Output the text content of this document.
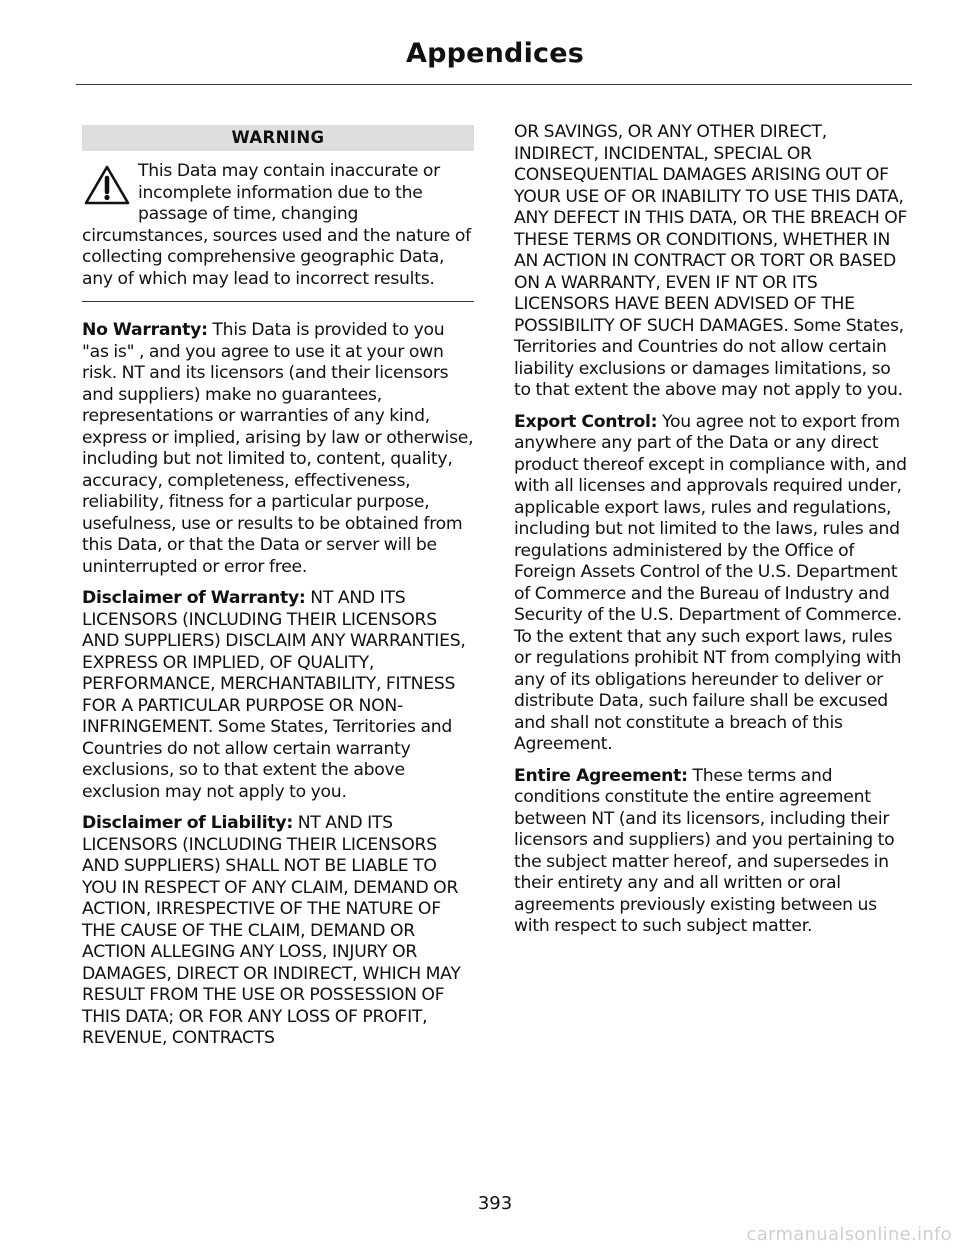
Appendices
WARNING
This Data may contain inaccurate or incomplete information due to the passage of time, changing circumstances, sources used and the nature of collecting comprehensive geographic Data, any of which may lead to incorrect results.

No Warranty: This Data is provided to you "as is" , and you agree to use it at your own risk. NT and its licensors (and their licensors and suppliers) make no guarantees, representations or warranties of any kind, express or implied, arising by law or otherwise, including but not limited to, content, quality, accuracy, completeness, effectiveness, reliability, fitness for a particular purpose, usefulness, use or results to be obtained from this Data, or that the Data or server will be uninterrupted or error free.

Disclaimer of Warranty: NT AND ITS LICENSORS (INCLUDING THEIR LICENSORS AND SUPPLIERS) DISCLAIM ANY WARRANTIES, EXPRESS OR IMPLIED, OF QUALITY, PERFORMANCE, MERCHANTABILITY, FITNESS FOR A PARTICULAR PURPOSE OR NON-INFRINGEMENT. Some States, Territories and Countries do not allow certain warranty exclusions, so to that extent the above exclusion may not apply to you.

Disclaimer of Liability: NT AND ITS LICENSORS (INCLUDING THEIR LICENSORS AND SUPPLIERS) SHALL NOT BE LIABLE TO YOU IN RESPECT OF ANY CLAIM, DEMAND OR ACTION, IRRESPECTIVE OF THE NATURE OF THE CAUSE OF THE CLAIM, DEMAND OR ACTION ALLEGING ANY LOSS, INJURY OR DAMAGES, DIRECT OR INDIRECT, WHICH MAY RESULT FROM THE USE OR POSSESSION OF THIS DATA; OR FOR ANY LOSS OF PROFIT, REVENUE, CONTRACTS

OR SAVINGS, OR ANY OTHER DIRECT, INDIRECT, INCIDENTAL, SPECIAL OR CONSEQUENTIAL DAMAGES ARISING OUT OF YOUR USE OF OR INABILITY TO USE THIS DATA, ANY DEFECT IN THIS DATA, OR THE BREACH OF THESE TERMS OR CONDITIONS, WHETHER IN AN ACTION IN CONTRACT OR TORT OR BASED ON A WARRANTY, EVEN IF NT OR ITS LICENSORS HAVE BEEN ADVISED OF THE POSSIBILITY OF SUCH DAMAGES. Some States, Territories and Countries do not allow certain liability exclusions or damages limitations, so to that extent the above may not apply to you.

Export Control: You agree not to export from anywhere any part of the Data or any direct product thereof except in compliance with, and with all licenses and approvals required under, applicable export laws, rules and regulations, including but not limited to the laws, rules and regulations administered by the Office of Foreign Assets Control of the U.S. Department of Commerce and the Bureau of Industry and Security of the U.S. Department of Commerce. To the extent that any such export laws, rules or regulations prohibit NT from complying with any of its obligations hereunder to deliver or distribute Data, such failure shall be excused and shall not constitute a breach of this Agreement.

Entire Agreement: These terms and conditions constitute the entire agreement between NT (and its licensors, including their licensors and suppliers) and you pertaining to the subject matter hereof, and supersedes in their entirety any and all written or oral agreements previously existing between us with respect to such subject matter.

393
carmanualsonline.info
